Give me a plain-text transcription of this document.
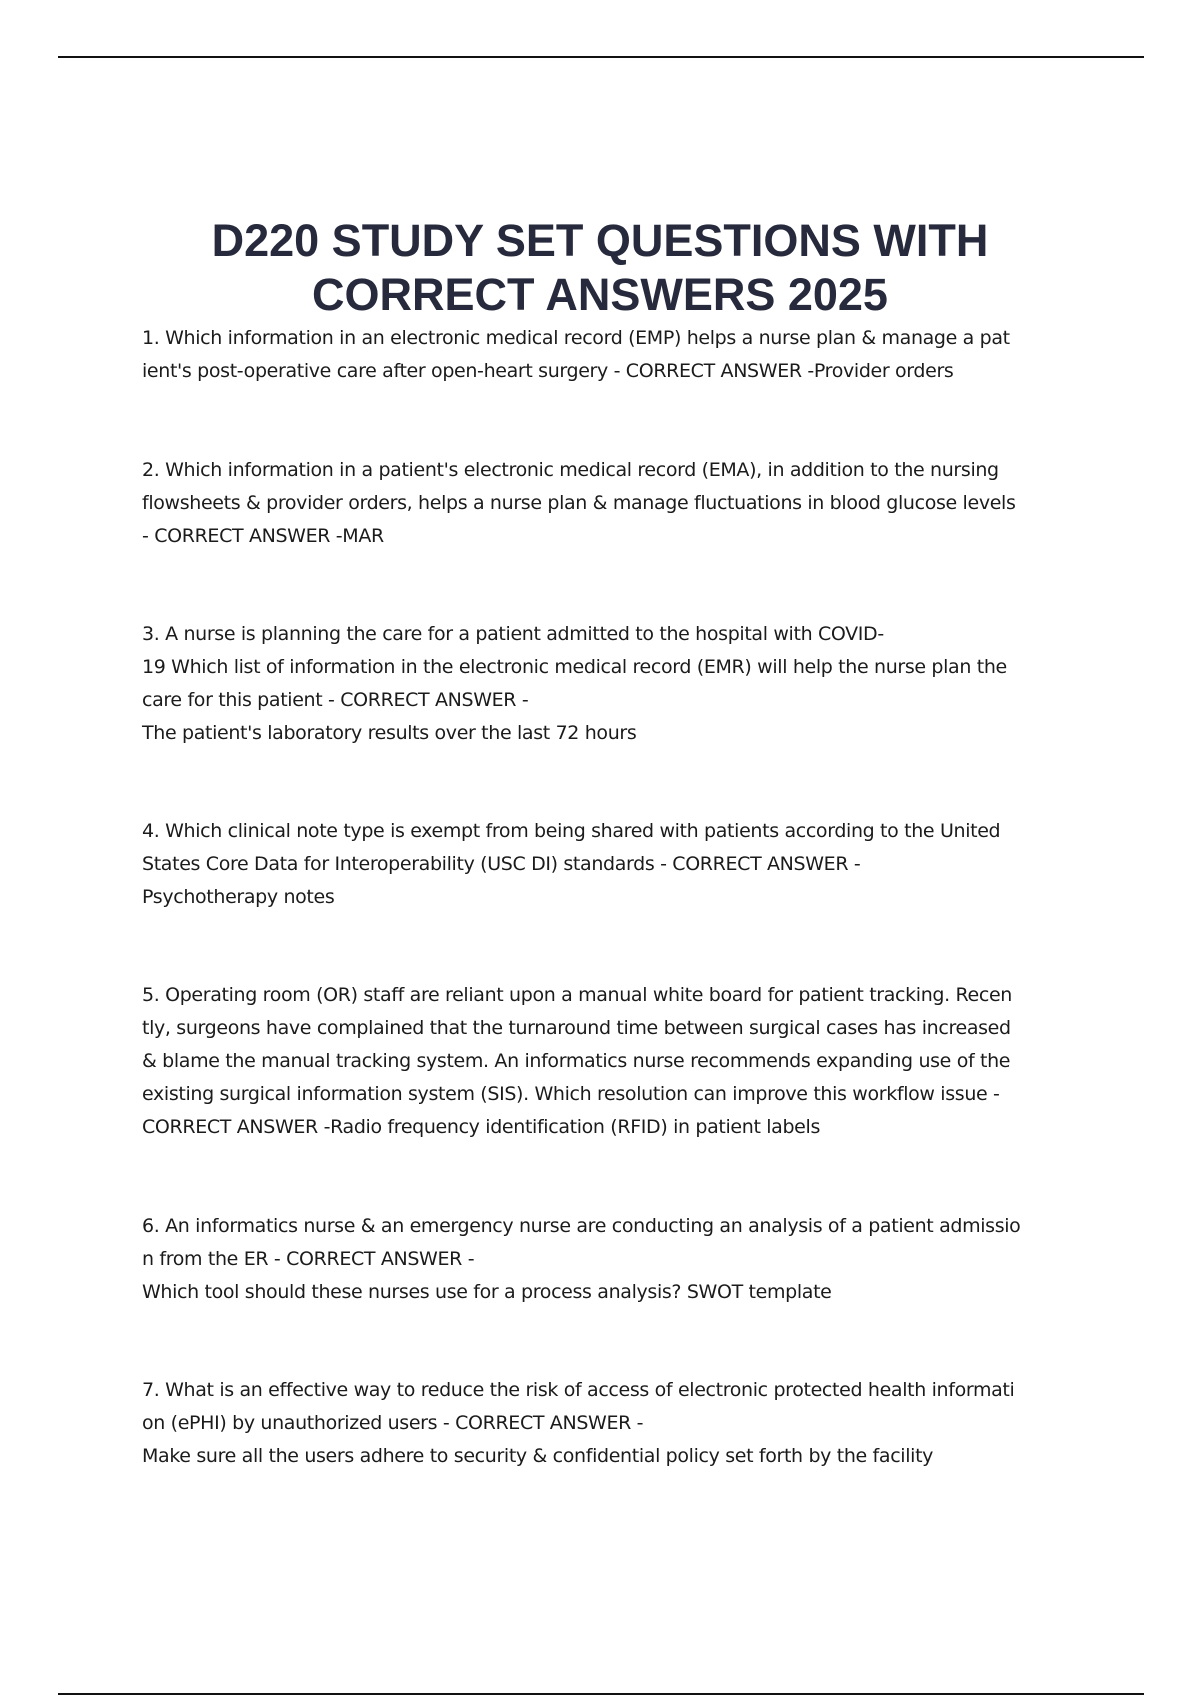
D220 STUDY SET QUESTIONS WITH
CORRECT ANSWERS 2025

1. Which information in an electronic medical record (EMP) helps a nurse plan & manage a pat
ient's post-operative care after open-heart surgery - CORRECT ANSWER -Provider orders

2. Which information in a patient's electronic medical record (EMA), in addition to the nursing
flowsheets & provider orders, helps a nurse plan & manage fluctuations in blood glucose levels
- CORRECT ANSWER -MAR

3. A nurse is planning the care for a patient admitted to the hospital with COVID-
19 Which list of information in the electronic medical record (EMR) will help the nurse plan the
care for this patient - CORRECT ANSWER -
The patient's laboratory results over the last 72 hours

4. Which clinical note type is exempt from being shared with patients according to the United
States Core Data for Interoperability (USC DI) standards - CORRECT ANSWER -
Psychotherapy notes

5. Operating room (OR) staff are reliant upon a manual white board for patient tracking. Recen
tly, surgeons have complained that the turnaround time between surgical cases has increased
& blame the manual tracking system. An informatics nurse recommends expanding use of the
existing surgical information system (SIS). Which resolution can improve this workflow issue -
CORRECT ANSWER -Radio frequency identification (RFID) in patient labels

6. An informatics nurse & an emergency nurse are conducting an analysis of a patient admissio
n from the ER - CORRECT ANSWER -
Which tool should these nurses use for a process analysis? SWOT template

7. What is an effective way to reduce the risk of access of electronic protected health informati
on (ePHI) by unauthorized users - CORRECT ANSWER -
Make sure all the users adhere to security & confidential policy set forth by the facility
